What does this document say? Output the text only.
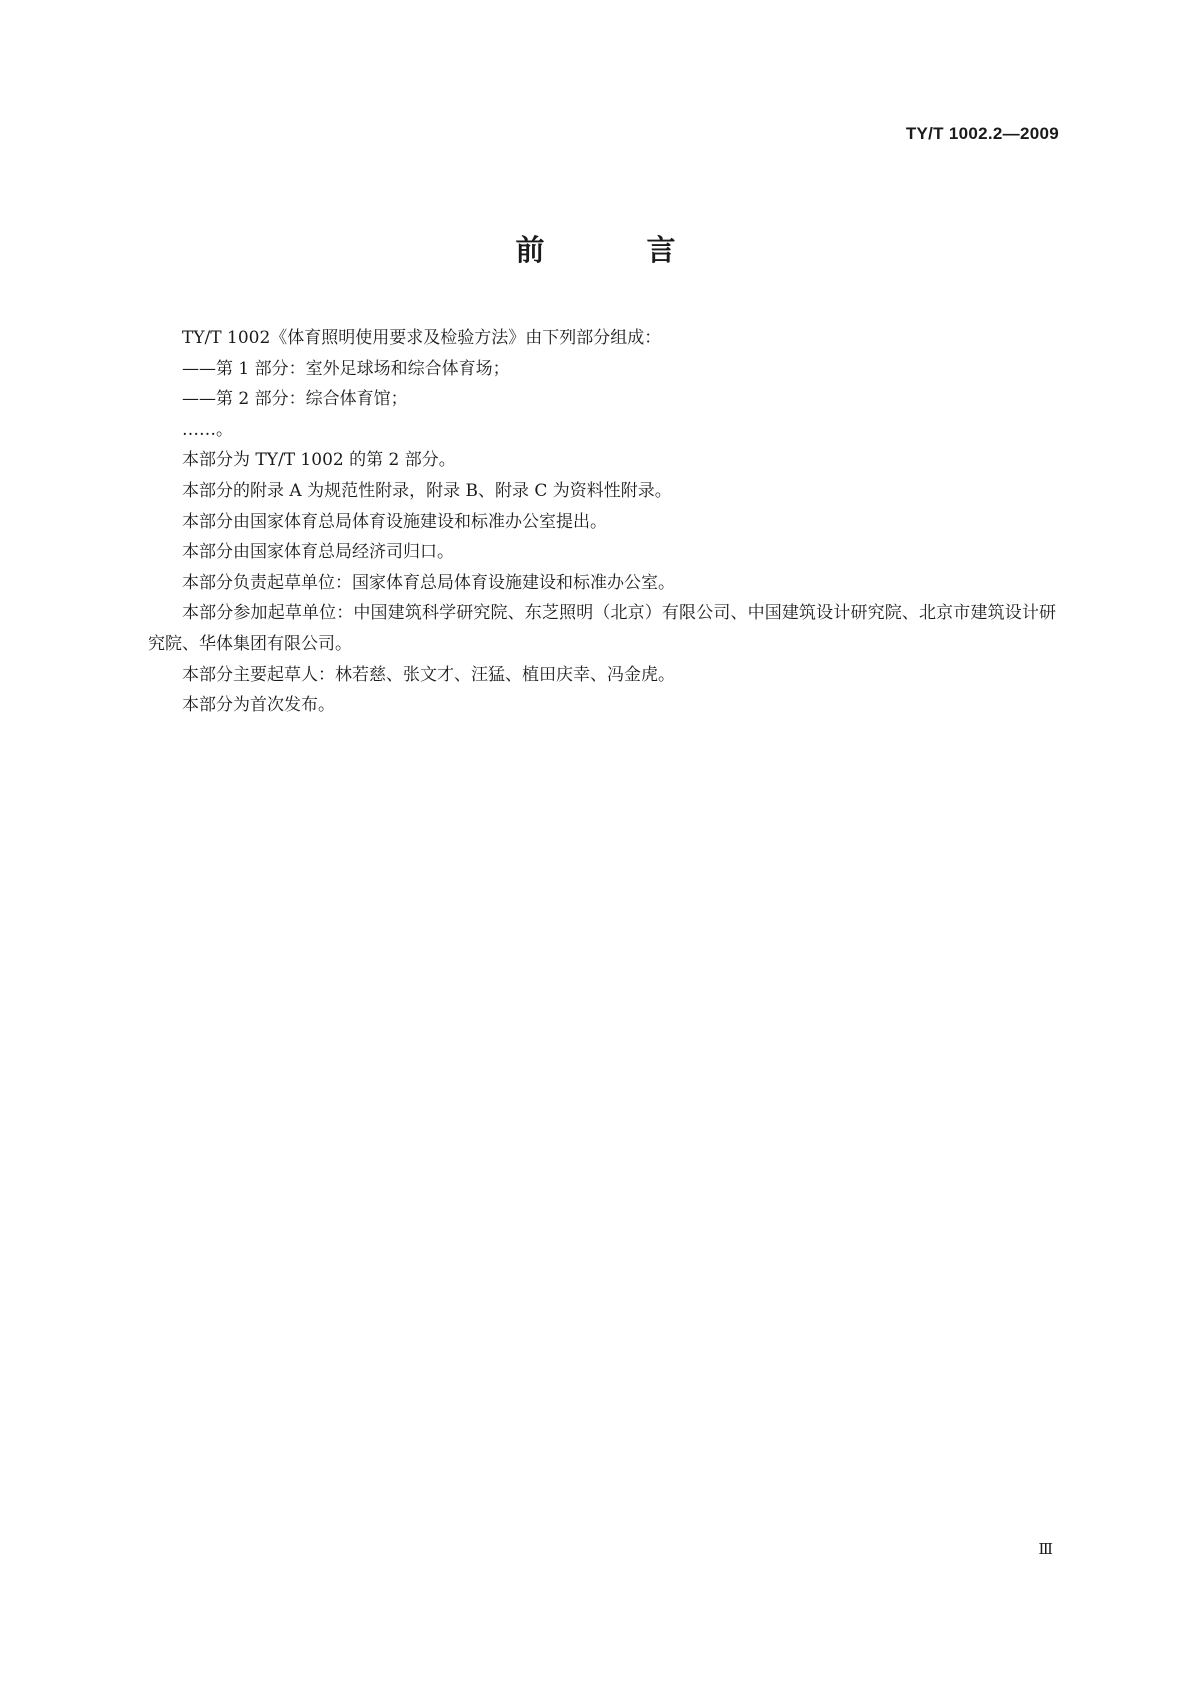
TY/T 1002.2—2009
前 言

TY/T 1002《体育照明使用要求及检验方法》由下列部分组成：

——第 1 部分：室外足球场和综合体育场；

——第 2 部分：综合体育馆；

……。

本部分为 TY/T 1002 的第 2 部分。

本部分的附录 A 为规范性附录，附录 B、附录 C 为资料性附录。

本部分由国家体育总局体育设施建设和标准办公室提出。

本部分由国家体育总局经济司归口。

本部分负责起草单位：国家体育总局体育设施建设和标准办公室。

本部分参加起草单位：中国建筑科学研究院、东芝照明（北京）有限公司、中国建筑设计研究院、北京市建筑设计研究院、华体集团有限公司。

本部分主要起草人：林若慈、张文才、汪猛、植田庆幸、冯金虎。

本部分为首次发布。

Ⅲ
